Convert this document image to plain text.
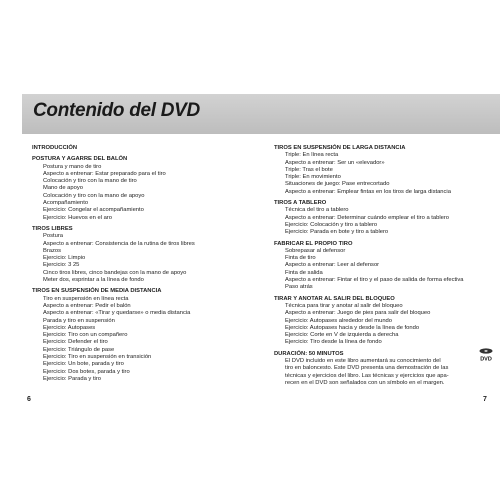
Contenido del DVD
INTRODUCCIÓN
POSTURA Y AGARRE DEL BALÓN
Postura y mano de tiro
Aspecto a entrenar: Estar preparado para el tiro
Colocación y tiro con la mano de tiro
Mano de apoyo
Colocación y tiro con la mano de apoyo
Acompañamiento
Ejercicio: Congelar el acompañamiento
Ejercicio: Huevos en el aro
TIROS LIBRES
Postura
Aspecto a entrenar: Consistencia de la rutina de tiros libres
Brazos
Ejercicio: Limpio
Ejercicio: 3 25
Cinco tiros libres, cinco bandejas con la mano de apoyo
Meter dos, esprintar a la línea de fondo
TIROS EN SUSPENSIÓN DE MEDIA DISTANCIA
Tiro en suspensión en línea recta
Aspecto a entrenar: Pedir el balón
Aspecto a entrenar: «Tirar y quedarse» o media distancia
Parada y tiro en suspensión
Ejercicio: Autopases
Ejercicio: Tiro con un compañero
Ejercicio: Defender el tiro
Ejercicio: Triángulo de pase
Ejercicio: Tiro en suspensión en transición
Ejercicio: Un bote, parada y tiro
Ejercicio: Dos botes, parada y tiro
Ejercicio: Parada y tiro
TIROS EN SUSPENSIÓN DE LARGA DISTANCIA
Triple: En línea recta
Aspecto a entrenar: Ser un «elevador»
Triple: Tras el bote
Triple: En movimiento
Situaciones de juego: Pase entrecortado
Aspecto a entrenar: Emplear fintas en los tiros de larga distancia
TIROS A TABLERO
Técnica del tiro a tablero
Aspecto a entrenar: Determinar cuándo emplear el tiro a tablero
Ejercicio: Colocación y tiro a tablero
Ejercicio: Parada en bote y tiro a tablero
FABRICAR EL PROPIO TIRO
Sobrepasar al defensor
Finta de tiro
Aspecto a entrenar: Leer al defensor
Finta de salida
Aspecto a entrenar: Fintar el tiro y el paso de salida de forma efectiva
Paso atrás
TIRAR Y ANOTAR AL SALIR DEL BLOQUEO
Técnica para tirar y anotar al salir del bloqueo
Aspecto a entrenar: Juego de pies para salir del bloqueo
Ejercicio: Autopases alrededor del mundo
Ejercicio: Autopases hacia y desde la línea de fondo
Ejercicio: Corte en V de izquierda a derecha
Ejercicio: Tiro desde la línea de fondo
DURACIÓN: 50 MINUTOS
El DVD incluido en este libro aumentará su conocimiento del
tiro en baloncesto. Este DVD presenta una demostración de las
técnicas y ejercicios del libro. Las técnicas y ejercicios que apa-
recen en el DVD son señalados con un símbolo en el margen.
DVD
6	7
